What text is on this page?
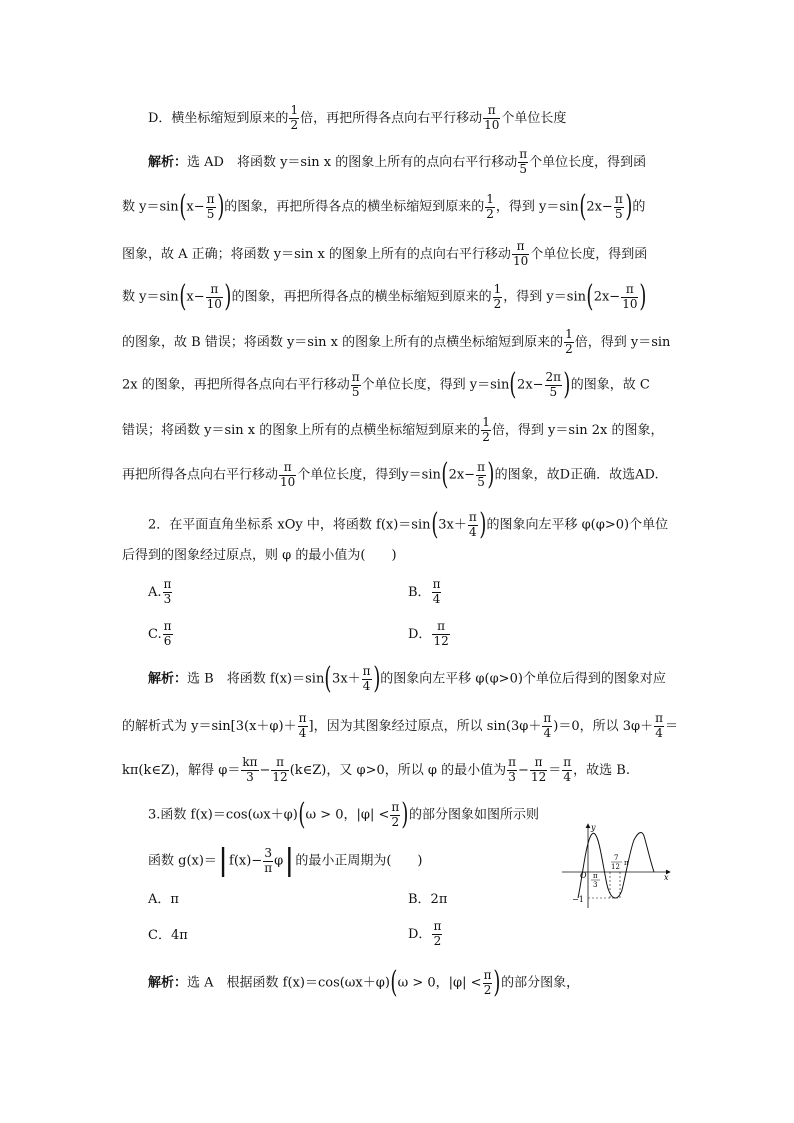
D．横坐标缩短到原来的 $\frac{1}{2}$ 倍，再把所得各点向右平行移动 $\frac{\pi}{10}$ 个单位长度
解析：选 AD　将函数 y＝sin x 的图象上所有的点向右平行移动 $\frac{\pi}{5}$ 个单位长度，得到函
数 $y=\sin(x- \frac{\pi}{5}$ )的图象，再把所得各点的横坐标缩短到原来的 $\frac{1}{2}$ ，得到 $y=\sin(2x- \frac{\pi}{5}$ )的
图象，故 A 正确；将函数 y＝sin x 的图象上所有的点向右平行移动 $\frac{\pi}{10}$ 个单位长度，得到函
数 $y=\sin(x- \frac{\pi}{10}$ )的图象，再把所得各点的横坐标缩短到原来的 $\frac{1}{2}$ ，得到 $y=\sin(2x- \frac{\pi}{10}$ )
的图象，故 B 错误；将函数 y＝sin x 的图象上所有的点横坐标缩短到原来的 $\frac{1}{2}$ 倍，得到 y＝sin
2x 的图象，再把所得各点向右平行移动 $\frac{\pi}{5}$ 个单位长度，得到 $y=\sin(2x- \frac{2\pi}{5}$ )的图象，故 C
错误；将函数 y＝sin x 的图象上所有的点横坐标缩短到原来的 $\frac{1}{2}$ 倍，得到 y＝sin 2x 的图象，
再把所得各点向右平行移动 $\frac{\pi}{10}$ 个单位长度，得到$y=\sin(2x- \frac{\pi}{5}$ )的图象，故D正确．故选AD.
2．在平面直角坐标系 xOy 中，将函数 $f(x)=\sin(3x+ \frac{\pi}{4}$ )的图象向左平移 φ(φ>0)个单位
后得到的图象经过原点，则 φ 的最小值为(　　)
A. $\frac{\pi}{3}$	B． $\frac{\pi}{4}$
C. $\frac{\pi}{6}$	D． $\frac{\pi}{12}$
解析：选 B　将函数 $f(x)=\sin(3x+ \frac{\pi}{4}$ )的图象向左平移 φ(φ>0)个单位后得到的图象对应
的解析式为 $y=\sin[3(x+\varphi)+ \frac{\pi}{4}$ ]，因为其图象经过原点，所以 $\sin(3\varphi+ \frac{\pi}{4} )=0$，所以 $3\varphi+ \frac{\pi}{4}$ ＝
kπ(k∈Z)，解得 $\varphi= \frac{k\pi}{3} - \frac{\pi}{12}$ (k∈Z)，又 φ>0，所以 φ 的最小值为 $\frac{\pi}{3} - \frac{\pi}{12} = \frac{\pi}{4}$ ，故选 B.
3.函数 f(x)＝cos(ωx＋φ)(ω > 0，$|\varphi| < \frac{\pi}{2}$ )的部分图象如图所示则
函数 $g(x)=|f(x)- \frac{3}{\pi} \varphi|$的最小正周期为(　　)
A．π	B．2π
C．4π	D． $\frac{\pi}{2}$
解析：选 A　根据函数 f(x)＝cos(ωx＋φ)(ω > 0，$|\varphi| < \frac{\pi}{2}$ )的部分图象，
y
x
O
−1
π
3
7
12 π
